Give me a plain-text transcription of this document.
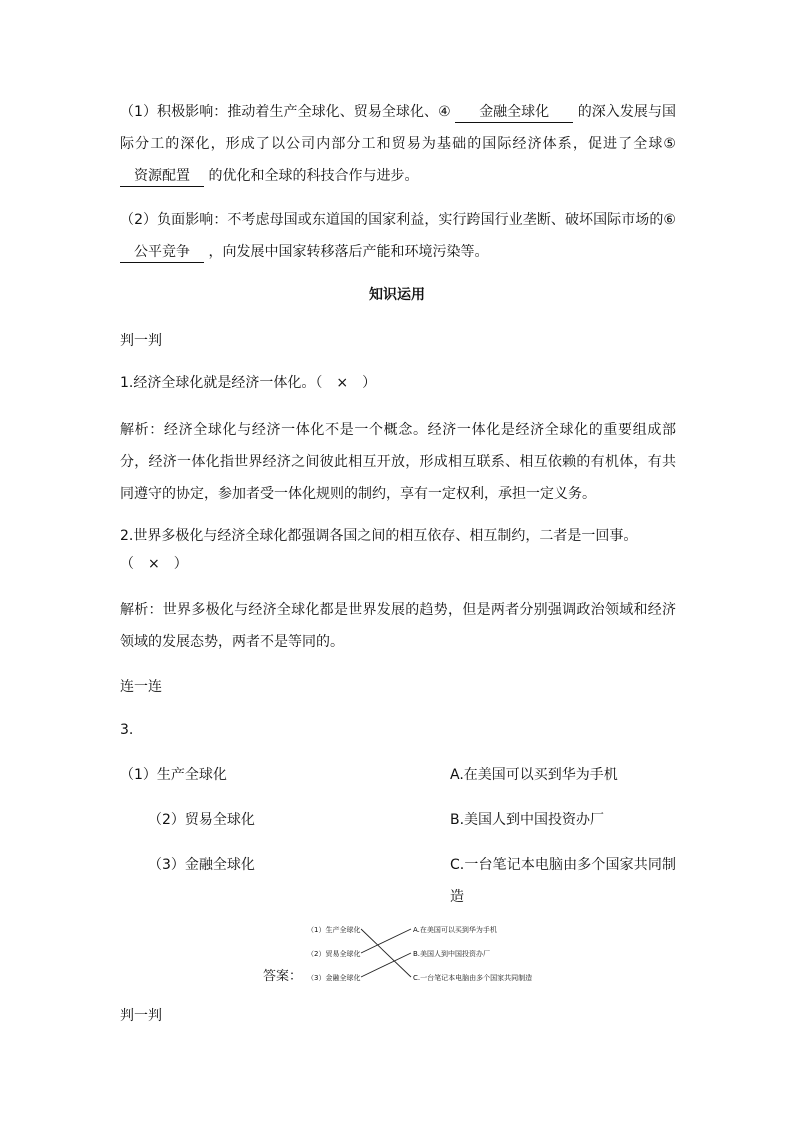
（1）积极影响：推动着生产全球化、贸易全球化、④ 金融全球化 的深入发展与国际分工的深化，形成了以公司内部分工和贸易为基础的国际经济体系，促进了全球⑤ 资源配置 的优化和全球的科技合作与进步。
（2）负面影响：不考虑母国或东道国的国家利益，实行跨国行业垄断、破坏国际市场的⑥ 公平竞争 ，向发展中国家转移落后产能和环境污染等。
知识运用
判一判
1.经济全球化就是经济一体化。（ × ）
解析：经济全球化与经济一体化不是一个概念。经济一体化是经济全球化的重要组成部分，经济一体化指世界经济之间彼此相互开放，形成相互联系、相互依赖的有机体，有共同遵守的协定，参加者受一体化规则的制约，享有一定权利，承担一定义务。
2.世界多极化与经济全球化都强调各国之间的相互依存、相互制约，二者是一回事。
（ × ）
解析：世界多极化与经济全球化都是世界发展的趋势，但是两者分别强调政治领域和经济领域的发展态势，两者不是等同的。
连一连
3.
（1）生产全球化
（2）贸易全球化
（3）金融全球化
A.在美国可以买到华为手机
B.美国人到中国投资办厂
C.一台笔记本电脑由多个国家共同制造
答案：
（1）生产全球化
（2）贸易全球化
（3）金融全球化
A.在美国可以买到华为手机
B.美国人到中国投资办厂
C.一台笔记本电脑由多个国家共同制造
判一判
